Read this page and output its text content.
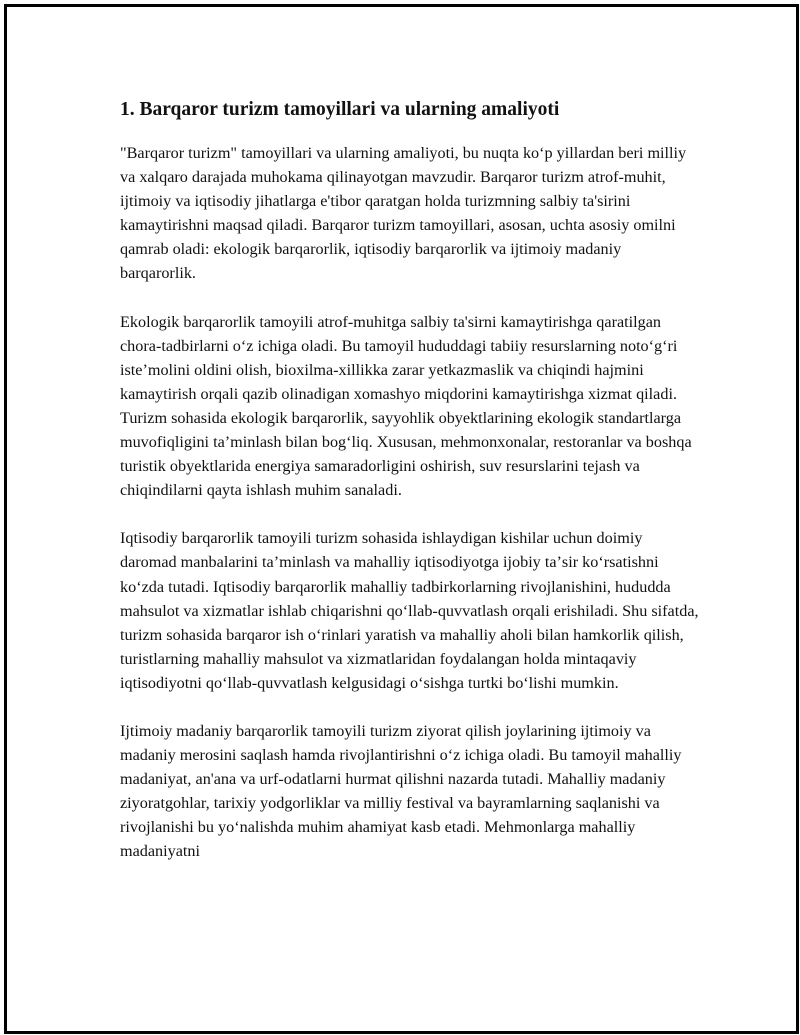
1. Barqaror turizm tamoyillari va ularning amaliyoti

"Barqaror turizm" tamoyillari va ularning amaliyoti, bu nuqta koʻp yillardan beri milliy va xalqaro darajada muhokama qilinayotgan mavzudir. Barqaror turizm atrof-muhit, ijtimoiy va iqtisodiy jihatlarga e'tibor qaratgan holda turizmning salbiy ta'sirini kamaytirishni maqsad qiladi. Barqaror turizm tamoyillari, asosan, uchta asosiy omilni qamrab oladi: ekologik barqarorlik, iqtisodiy barqarorlik va ijtimoiy madaniy barqarorlik.

Ekologik barqarorlik tamoyili atrof-muhitga salbiy ta'sirni kamaytirishga qaratilgan chora-tadbirlarni oʻz ichiga oladi. Bu tamoyil hududdagi tabiiy resurslarning notoʻgʻri isteʼmolini oldini olish, bioxilma-xillikka zarar yetkazmaslik va chiqindi hajmini kamaytirish orqali qazib olinadigan xomashyo miqdorini kamaytirishga xizmat qiladi. Turizm sohasida ekologik barqarorlik, sayyohlik obyektlarining ekologik standartlarga muvofiqligini taʼminlash bilan bogʻliq. Xususan, mehmonxonalar, restoranlar va boshqa turistik obyektlarida energiya samaradorligini oshirish, suv resurslarini tejash va chiqindilarni qayta ishlash muhim sanaladi.

Iqtisodiy barqarorlik tamoyili turizm sohasida ishlaydigan kishilar uchun doimiy daromad manbalarini taʼminlash va mahalliy iqtisodiyotga ijobiy taʼsir koʻrsatishni koʻzda tutadi. Iqtisodiy barqarorlik mahalliy tadbirkorlarning rivojlanishini, hududda mahsulot va xizmatlar ishlab chiqarishni qoʻllab-quvvatlash orqali erishiladi. Shu sifatda, turizm sohasida barqaror ish oʻrinlari yaratish va mahalliy aholi bilan hamkorlik qilish, turistlarning mahalliy mahsulot va xizmatlaridan foydalangan holda mintaqaviy iqtisodiyotni qoʻllab-quvvatlash kelgusidagi oʻsishga turtki boʻlishi mumkin.

Ijtimoiy madaniy barqarorlik tamoyili turizm ziyorat qilish joylarining ijtimoiy va madaniy merosini saqlash hamda rivojlantirishni oʻz ichiga oladi. Bu tamoyil mahalliy madaniyat, an'ana va urf-odatlarni hurmat qilishni nazarda tutadi. Mahalliy madaniy ziyoratgohlar, tarixiy yodgorliklar va milliy festival va bayramlarning saqlanishi va rivojlanishi bu yoʻnalishda muhim ahamiyat kasb etadi. Mehmonlarga mahalliy madaniyatni
